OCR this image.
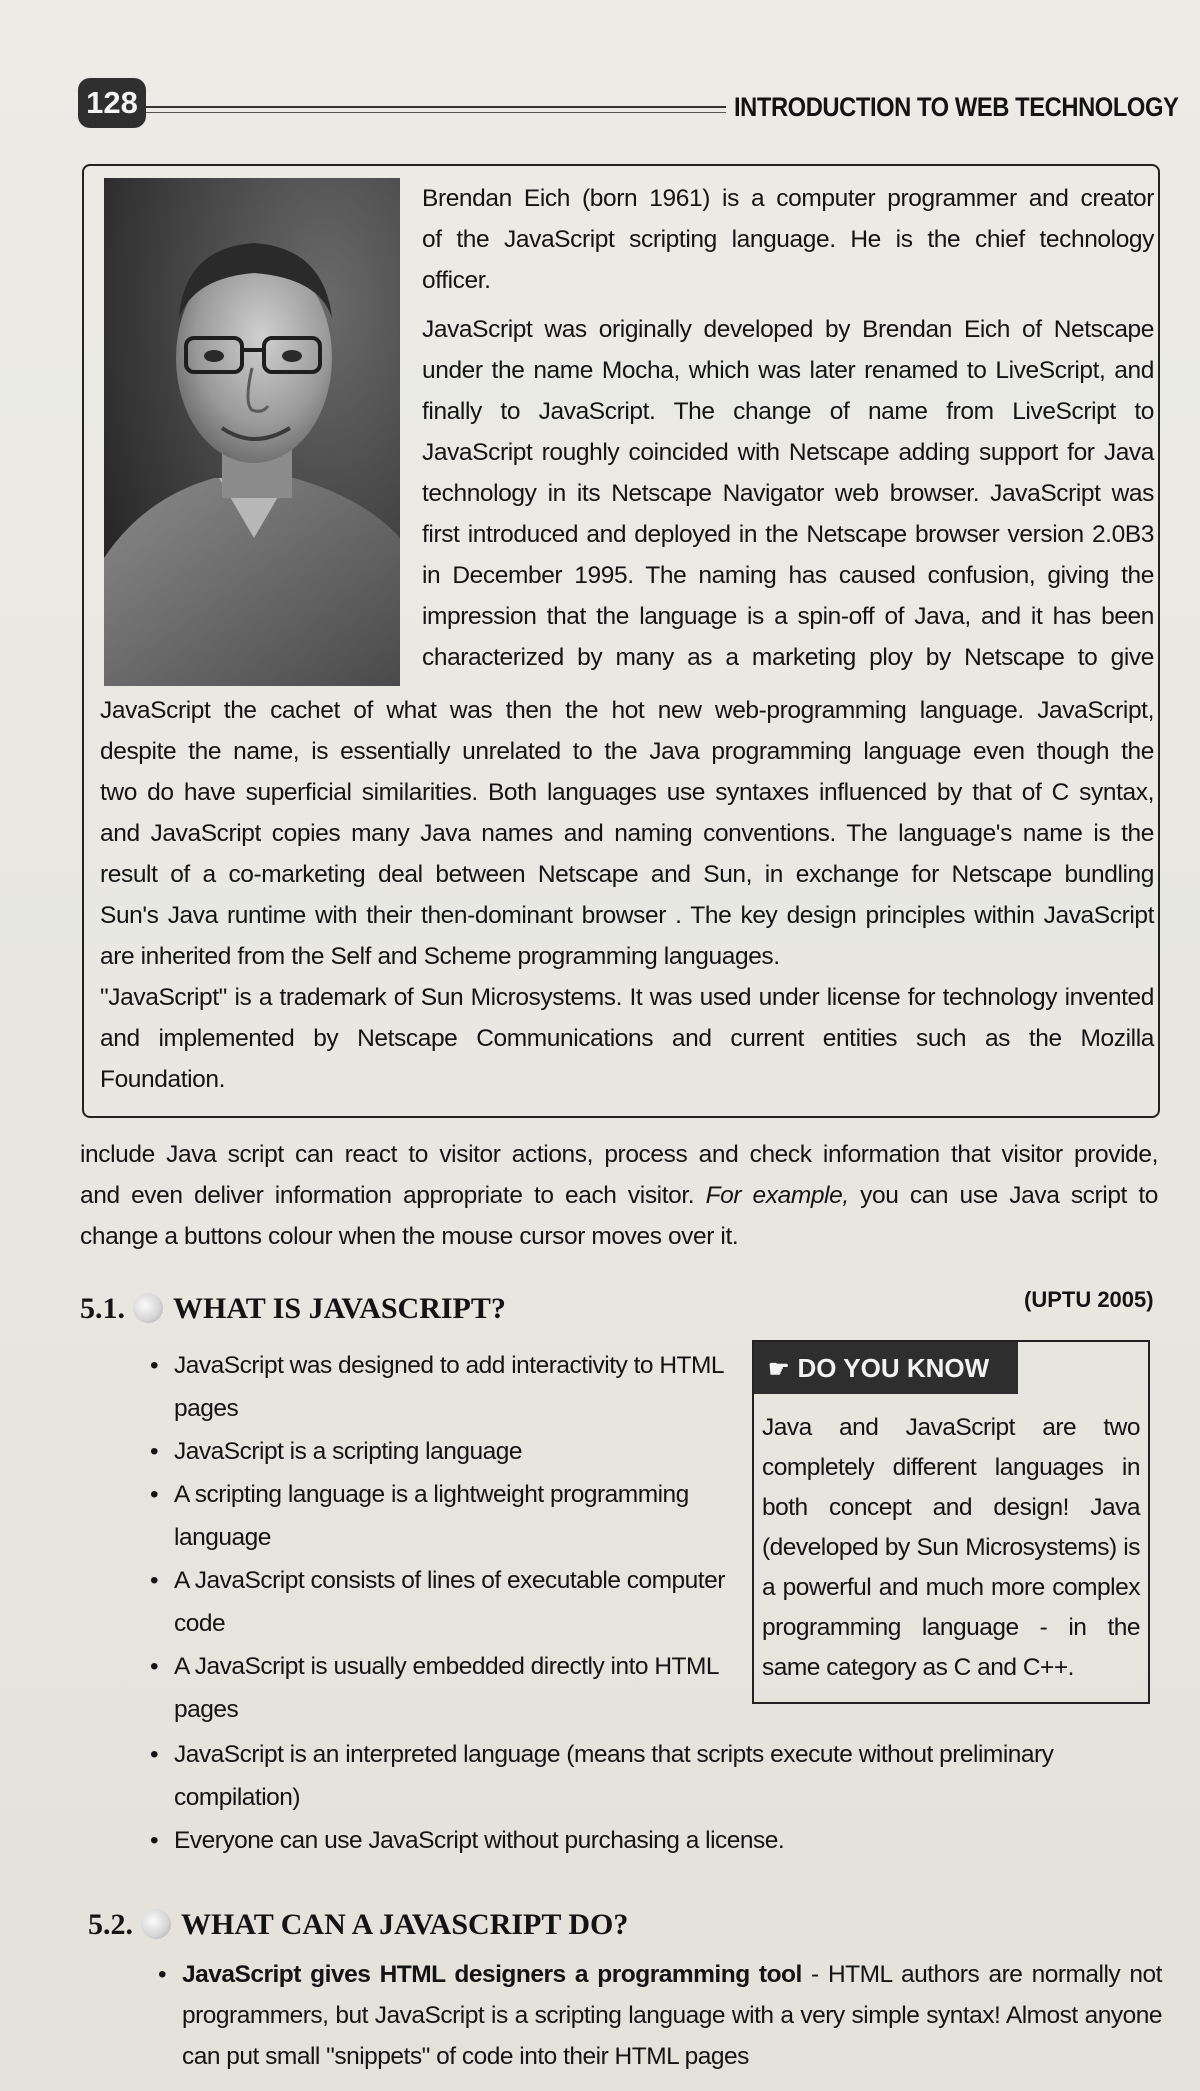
128	INTRODUCTION TO WEB TECHNOLOGY
Brendan Eich (born 1961) is a computer programmer and creator
of the JavaScript scripting language. He is the chief technology
officer.
JavaScript was originally developed by Brendan Eich of Netscape
under the name Mocha, which was later renamed to LiveScript, and
finally to JavaScript. The change of name from LiveScript to
JavaScript roughly coincided with Netscape adding support for Java
technology in its Netscape Navigator web browser. JavaScript was
first introduced and deployed in the Netscape browser version 2.0B3
in December 1995. The naming has caused confusion, giving the
impression that the language is a spin-off of Java, and it has been
characterized by many as a marketing ploy by Netscape to give
JavaScript the cachet of what was then the hot new web-programming language. JavaScript,
despite the name, is essentially unrelated to the Java programming language even though the
two do have superficial similarities. Both languages use syntaxes influenced by that of C syntax,
and JavaScript copies many Java names and naming conventions. The language's name is the
result of a co-marketing deal between Netscape and Sun, in exchange for Netscape bundling
Sun's Java runtime with their then-dominant browser . The key design principles within JavaScript
are inherited from the Self and Scheme programming languages.
"JavaScript" is a trademark of Sun Microsystems. It was used under license for technology invented
and implemented by Netscape Communications and current entities such as the Mozilla
Foundation.
include Java script can react to visitor actions, process and check information that visitor provide,
and even deliver information appropriate to each visitor. For example, you can use Java script to
change a buttons colour when the mouse cursor moves over it.
5.1. WHAT IS JAVASCRIPT?	(UPTU 2005)
• JavaScript was designed to add interactivity to HTML pages
• JavaScript is a scripting language
• A scripting language is a lightweight programming language
• A JavaScript consists of lines of executable computer code
• A JavaScript is usually embedded directly into HTML pages
☛ DO YOU KNOW
Java and JavaScript are two completely different languages in both concept and design! Java (developed by Sun Microsystems) is a powerful and much more complex programming language - in the same category as C and C++.
• JavaScript is an interpreted language (means that scripts execute without preliminary compilation)
• Everyone can use JavaScript without purchasing a license.
5.2. WHAT CAN A JAVASCRIPT DO?
• JavaScript gives HTML designers a programming tool - HTML authors are normally not programmers, but JavaScript is a scripting language with a very simple syntax! Almost anyone can put small "snippets" of code into their HTML pages
